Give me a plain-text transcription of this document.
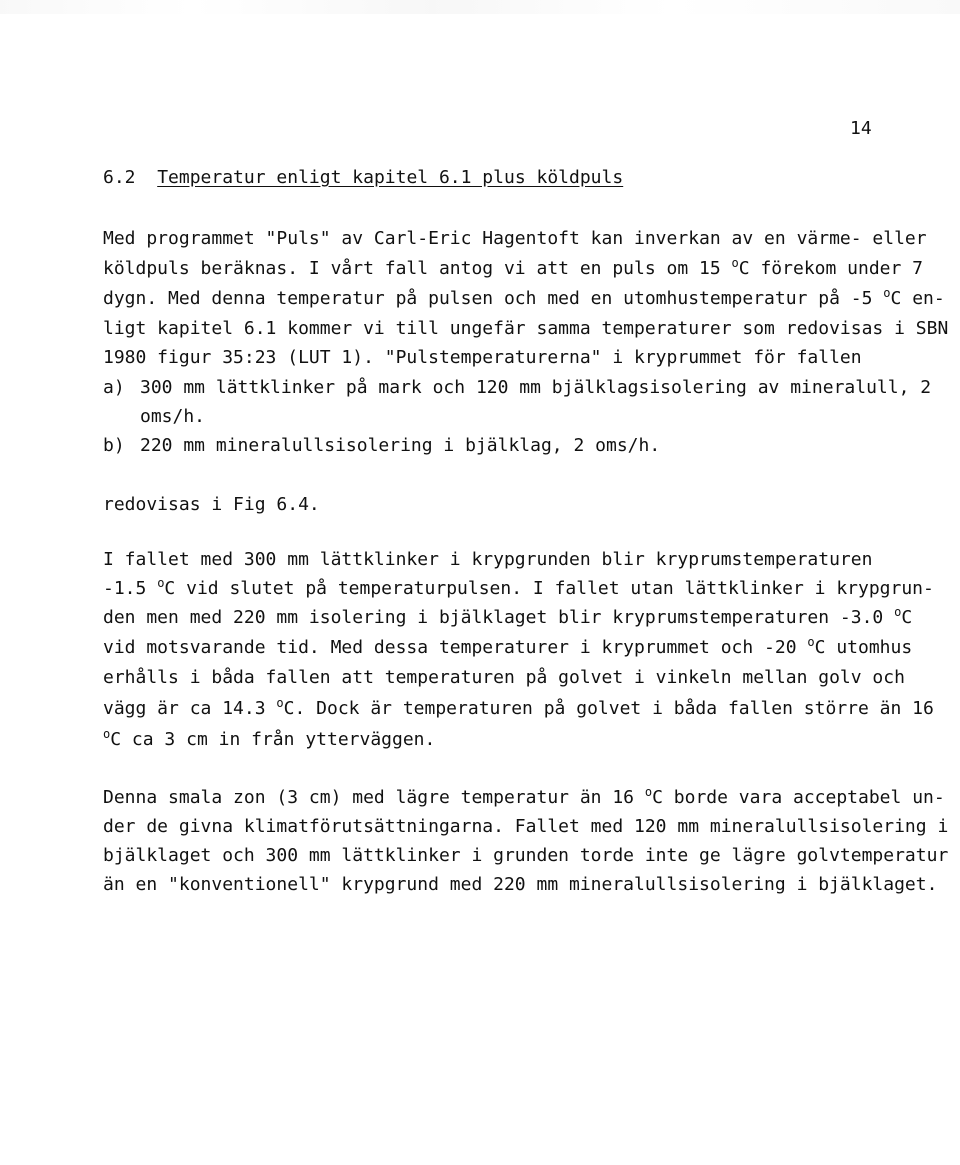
14
6.2 Temperatur enligt kapitel 6.1 plus köldpuls
Med programmet "Puls" av Carl-Eric Hagentoft kan inverkan av en värme- eller
köldpuls beräknas. I vårt fall antog vi att en puls om 15 $^o$C förekom under 7
dygn. Med denna temperatur på pulsen och med en utomhustemperatur på -5 $^o$C en-
ligt kapitel 6.1 kommer vi till ungefär samma temperaturer som redovisas i SBN
1980 figur 35:23 (LUT 1). "Pulstemperaturerna" i kryprummet för fallen
a) 300 mm lättklinker på mark och 120 mm bjälklagsisolering av mineralull, 2
oms/h.
b) 220 mm mineralullsisolering i bjälklag, 2 oms/h.
redovisas i Fig 6.4.
I fallet med 300 mm lättklinker i krypgrunden blir kryprumstemperaturen
-1.5 $^o$C vid slutet på temperaturpulsen. I fallet utan lättklinker i krypgrun-
den men med 220 mm isolering i bjälklaget blir kryprumstemperaturen -3.0 $^o$C
vid motsvarande tid. Med dessa temperaturer i kryprummet och -20 $^o$C utomhus
erhålls i båda fallen att temperaturen på golvet i vinkeln mellan golv och
vägg är ca 14.3 $^o$C. Dock är temperaturen på golvet i båda fallen större än 16
$^o$C ca 3 cm in från ytterväggen.
Denna smala zon (3 cm) med lägre temperatur än 16 $^o$C borde vara acceptabel un-
der de givna klimatförutsättningarna. Fallet med 120 mm mineralullsisolering i
bjälklaget och 300 mm lättklinker i grunden torde inte ge lägre golvtemperatur
än en "konventionell" krypgrund med 220 mm mineralullsisolering i bjälklaget.
